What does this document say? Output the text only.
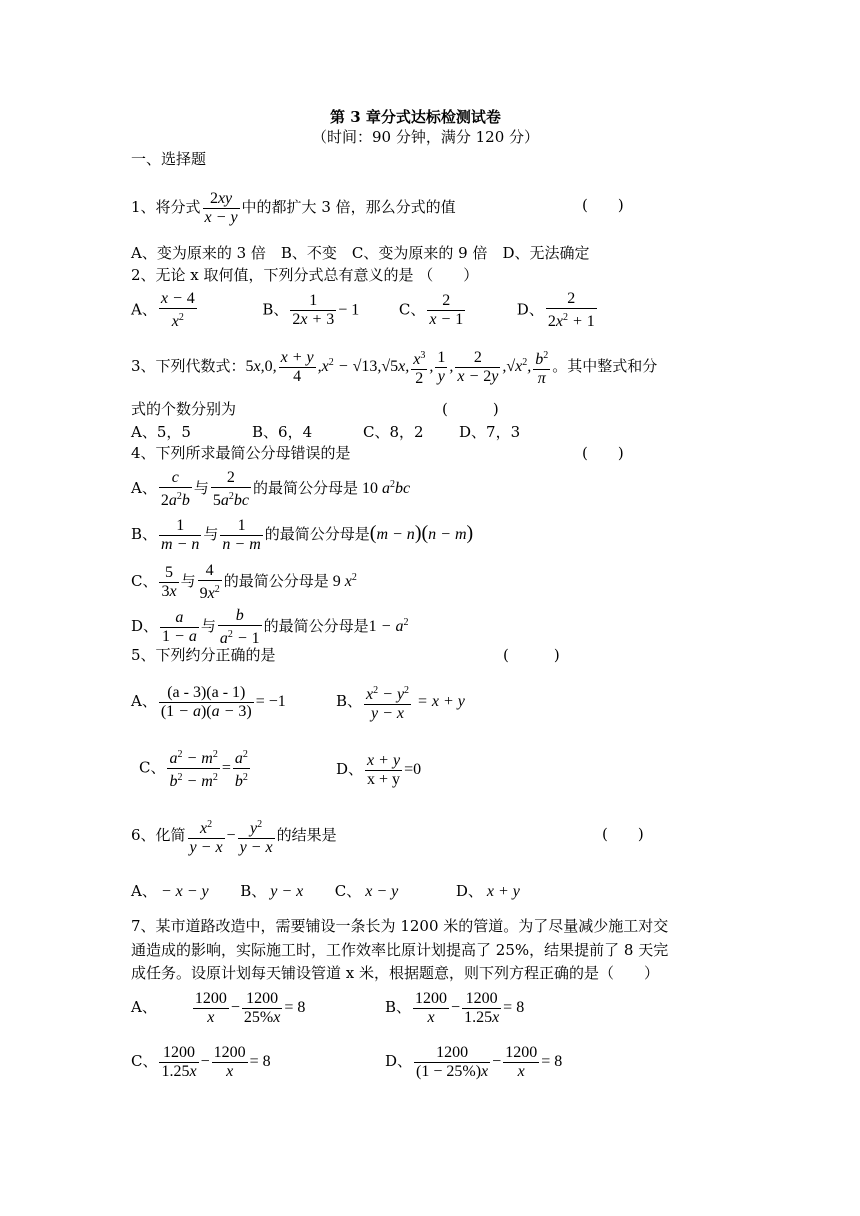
第 3 章分式达标检测试卷
（时间：90 分钟，满分 120 分）
一、选择题
1、将分式 $\frac{2xy}{x - y}$ 中的都扩大 3 倍，那么分式的值	(　　)
A、变为原来的 3 倍　B、不变　C、变为原来的 9 倍　D、无法确定
2、无论 x 取何值，下列分式总有意义的是 （　　）
A、 $\frac{x - 4}{x^2}$	B、 $\frac{1}{2x + 3} - 1$	C、 $\frac{2}{x - 1}$	D、 $\frac{2}{2x^2 + 1}$
3、下列代数式：5x,0, $\frac{x + y}{4} ,x^2 - √13,√5x$, $\frac{x^3}{2}$ , $\frac{1}{y}$ , $\frac{2}{x - 2y} ,√x^2$, $\frac{b^2}{\pi}$ 。其中整式和分
式的个数分别为	(　　　)
A、5，5	B、6，4	C、8，2 D、7，3
4、下列所求最简公分母错误的是	(　　)
A、 $\frac{c}{2a^2b}$ 与 $\frac{2}{5a^2bc}$ 的最简公分母是 10 $a^2bc$
B、 $\frac{1}{m - n}$ 与 $\frac{1}{n - m}$ 的最简公分母是(m − n)(n − m)
C、 $\frac{5}{3x}$ 与 $\frac{4}{9x^2}$ 的最简公分母是 9 $x^2$
D、 $\frac{a}{1 - a}$ 与 $\frac{b}{a^2 - 1}$ 的最简公分母是$1 - a^2$
5、下列约分正确的是	(　　　)
A、 $\frac{(a - 3)(a - 1)}{(1 - a)(a - 3)} = -1$	B、 $\frac{x^2 - y^2}{y - x} = x + y$
C、 $\frac{a^2 - m^2}{b^2 - m^2} = \frac{a^2}{b^2}$	D、 $\frac{x + y}{x + y} =0$
6、化简 $\frac{x^2}{y - x} - \frac{y^2}{y - x}$ 的结果是	(　　)
A、 − x − y B、 y − x C、 x − y	D、 x + y
7、某市道路改造中，需要铺设一条长为 1200 米的管道。为了尽量减少施工对交
通造成的影响，实际施工时，工作效率比原计划提高了 25%，结果提前了 8 天完
成任务。设原计划每天铺设管道 x 米，根据题意，则下列方程正确的是（　　）
A、 $\frac{1200}{x} - \frac{1200}{25\%x} = 8$	B、 $\frac{1200}{x} - \frac{1200}{1.25x} = 8$
C、 $\frac{1200}{1.25x} - \frac{1200}{x} = 8$	D、 $\frac{1200}{(1 - 25\%)x} - \frac{1200}{x} = 8$
